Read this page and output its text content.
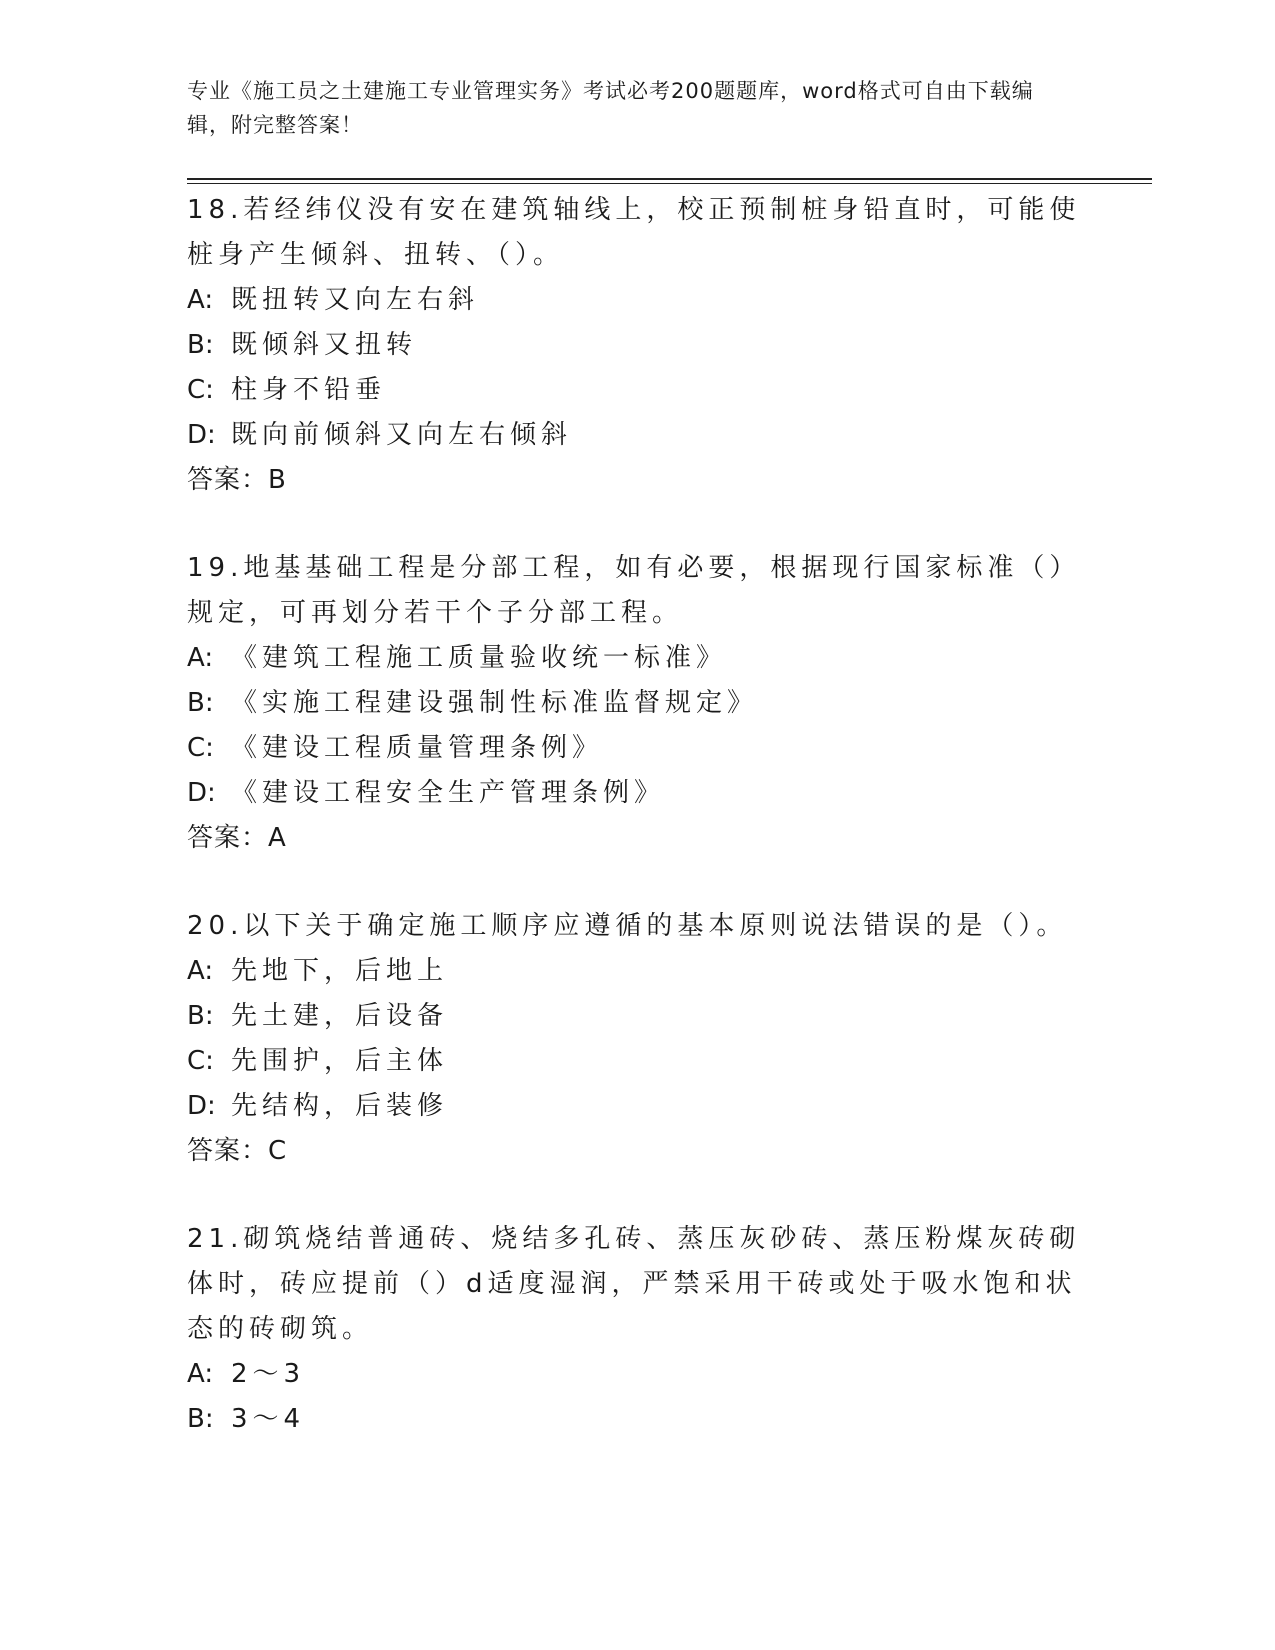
专业《施工员之土建施工专业管理实务》考试必考200题题库，word格式可自由下载编辑，附完整答案！
18.若经纬仪没有安在建筑轴线上，校正预制桩身铅直时，可能使桩身产生倾斜、扭转、（）。
A: 既扭转又向左右斜
B: 既倾斜又扭转
C: 柱身不铅垂
D: 既向前倾斜又向左右倾斜
答案：B
19.地基基础工程是分部工程，如有必要，根据现行国家标准（）规定，可再划分若干个子分部工程。
A: 《建筑工程施工质量验收统一标准》
B: 《实施工程建设强制性标准监督规定》
C: 《建设工程质量管理条例》
D: 《建设工程安全生产管理条例》
答案：A
20.以下关于确定施工顺序应遵循的基本原则说法错误的是（）。
A: 先地下，后地上
B: 先土建，后设备
C: 先围护，后主体
D: 先结构，后装修
答案：C
21.砌筑烧结普通砖、烧结多孔砖、蒸压灰砂砖、蒸压粉煤灰砖砌体时，砖应提前（）d适度湿润，严禁采用干砖或处于吸水饱和状态的砖砌筑。
A: 2～3
B: 3～4
